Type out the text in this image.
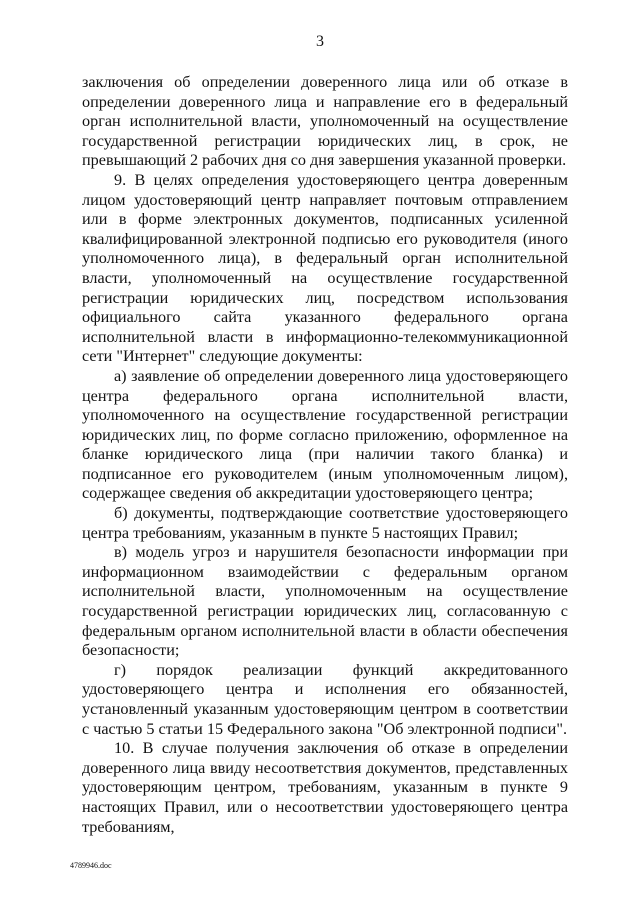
3

заключения об определении доверенного лица или об отказе в определении доверенного лица и направление его в федеральный орган исполнительной власти, уполномоченный на осуществление государственной регистрации юридических лиц, в срок, не превышающий 2 рабочих дня со дня завершения указанной проверки.

9. В целях определения удостоверяющего центра доверенным лицом удостоверяющий центр направляет почтовым отправлением или в форме электронных документов, подписанных усиленной квалифицированной электронной подписью его руководителя (иного уполномоченного лица), в федеральный орган исполнительной власти, уполномоченный на осуществление государственной регистрации юридических лиц, посредством использования официального сайта указанного федерального органа исполнительной власти в информационно-телекоммуникационной сети "Интернет" следующие документы:

а) заявление об определении доверенного лица удостоверяющего центра федерального органа исполнительной власти, уполномоченного на осуществление государственной регистрации юридических лиц, по форме согласно приложению, оформленное на бланке юридического лица (при наличии такого бланка) и подписанное его руководителем (иным уполномоченным лицом), содержащее сведения об аккредитации удостоверяющего центра;

б) документы, подтверждающие соответствие удостоверяющего центра требованиям, указанным в пункте 5 настоящих Правил;

в) модель угроз и нарушителя безопасности информации при информационном взаимодействии с федеральным органом исполнительной власти, уполномоченным на осуществление государственной регистрации юридических лиц, согласованную с федеральным органом исполнительной власти в области обеспечения безопасности;

г) порядок реализации функций аккредитованного удостоверяющего центра и исполнения его обязанностей, установленный указанным удостоверяющим центром в соответствии с частью 5 статьи 15 Федерального закона "Об электронной подписи".

10. В случае получения заключения об отказе в определении доверенного лица ввиду несоответствия документов, представленных удостоверяющим центром, требованиям, указанным в пункте 9 настоящих Правил, или о несоответствии удостоверяющего центра требованиям,

4789946.doc
